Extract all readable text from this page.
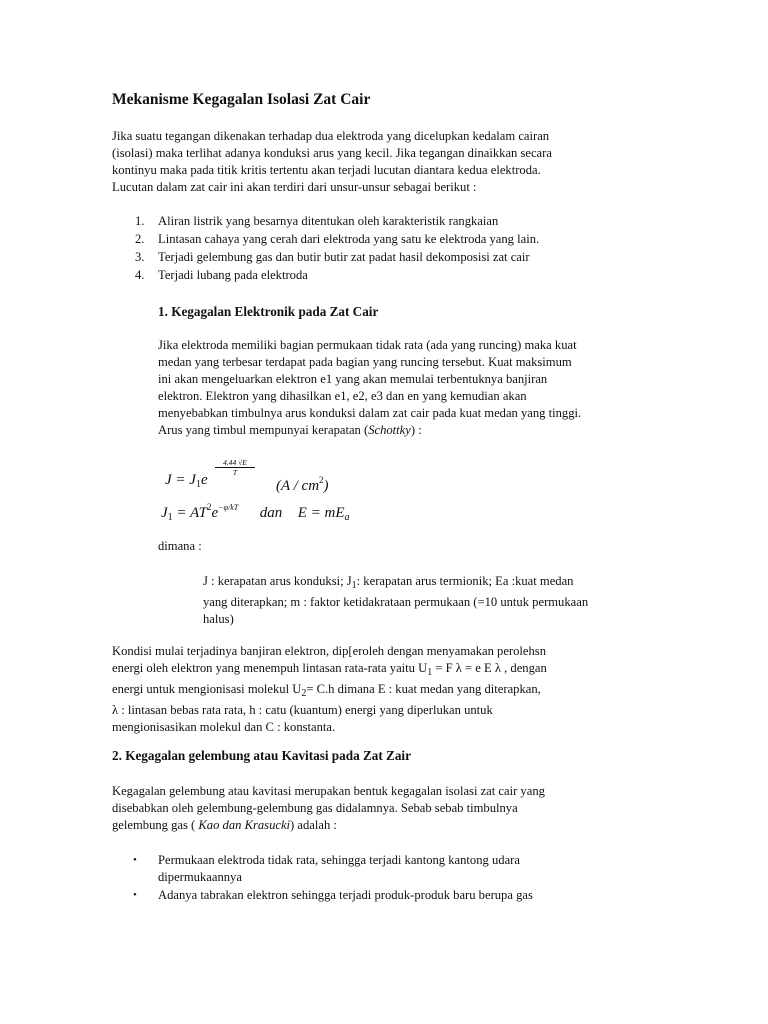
Mekanisme Kegagalan Isolasi Zat Cair
Jika suatu tegangan dikenakan terhadap dua elektroda yang dicelupkan kedalam cairan
(isolasi) maka terlihat adanya konduksi arus yang kecil. Jika tegangan dinaikkan secara
kontinyu maka pada titik kritis tertentu akan terjadi lucutan diantara kedua elektroda.
Lucutan dalam zat cair ini akan terdiri dari unsur-unsur sebagai berikut :
1.	Aliran listrik yang besarnya ditentukan oleh karakteristik rangkaian
2.	Lintasan cahaya yang cerah dari elektroda yang satu ke elektroda yang lain.
3.	Terjadi gelembung gas dan butir butir zat padat hasil dekomposisi zat cair
4.	Terjadi lubang pada elektroda
1. Kegagalan Elektronik pada Zat Cair
Jika elektroda memiliki bagian permukaan tidak rata (ada yang runcing) maka kuat
medan yang terbesar terdapat pada bagian yang runcing tersebut. Kuat maksimum
ini akan mengeluarkan elektron e1 yang akan memulai terbentuknya banjiran
elektron. Elektron yang dihasilkan e1, e2, e3 dan en yang kemudian akan
menyebabkan timbulnya arus konduksi dalam zat cair pada kuat medan yang tinggi.
Arus yang timbul mempunyai kerapatan (Schottky) :
$J = J_1e$
4.44 √E
T
$(A / cm^2)$
$J_1 = AT^2e^{-\varphi/kT}$ dan $E = mE_a$
dimana :
J : kerapatan arus konduksi; $J_1$: kerapatan arus termionik; Ea :kuat medan
yang diterapkan; m : faktor ketidakrataan permukaan (=10 untuk permukaan
halus)
Kondisi mulai terjadinya banjiran elektron, dip[eroleh dengan menyamakan perolehsn
energi oleh elektron yang menempuh lintasan rata-rata yaitu $U_1 = F$ λ = e E λ , dengan
energi untuk mengionisasi molekul $U_2= C.h$ dimana E : kuat medan yang diterapkan,
λ : lintasan bebas rata rata, h : catu (kuantum) energi yang diperlukan untuk
mengionisasikan molekul dan C : konstanta.
2. Kegagalan gelembung atau Kavitasi pada Zat Zair
Kegagalan gelembung atau kavitasi merupakan bentuk kegagalan isolasi zat cair yang
disebabkan oleh gelembung-gelembung gas didalamnya. Sebab sebab timbulnya
gelembung gas ( Kao dan Krasucki) adalah :
• Permukaan elektroda tidak rata, sehingga terjadi kantong kantong udara
dipermukaannya
• Adanya tabrakan elektron sehingga terjadi produk-produk baru berupa gas
